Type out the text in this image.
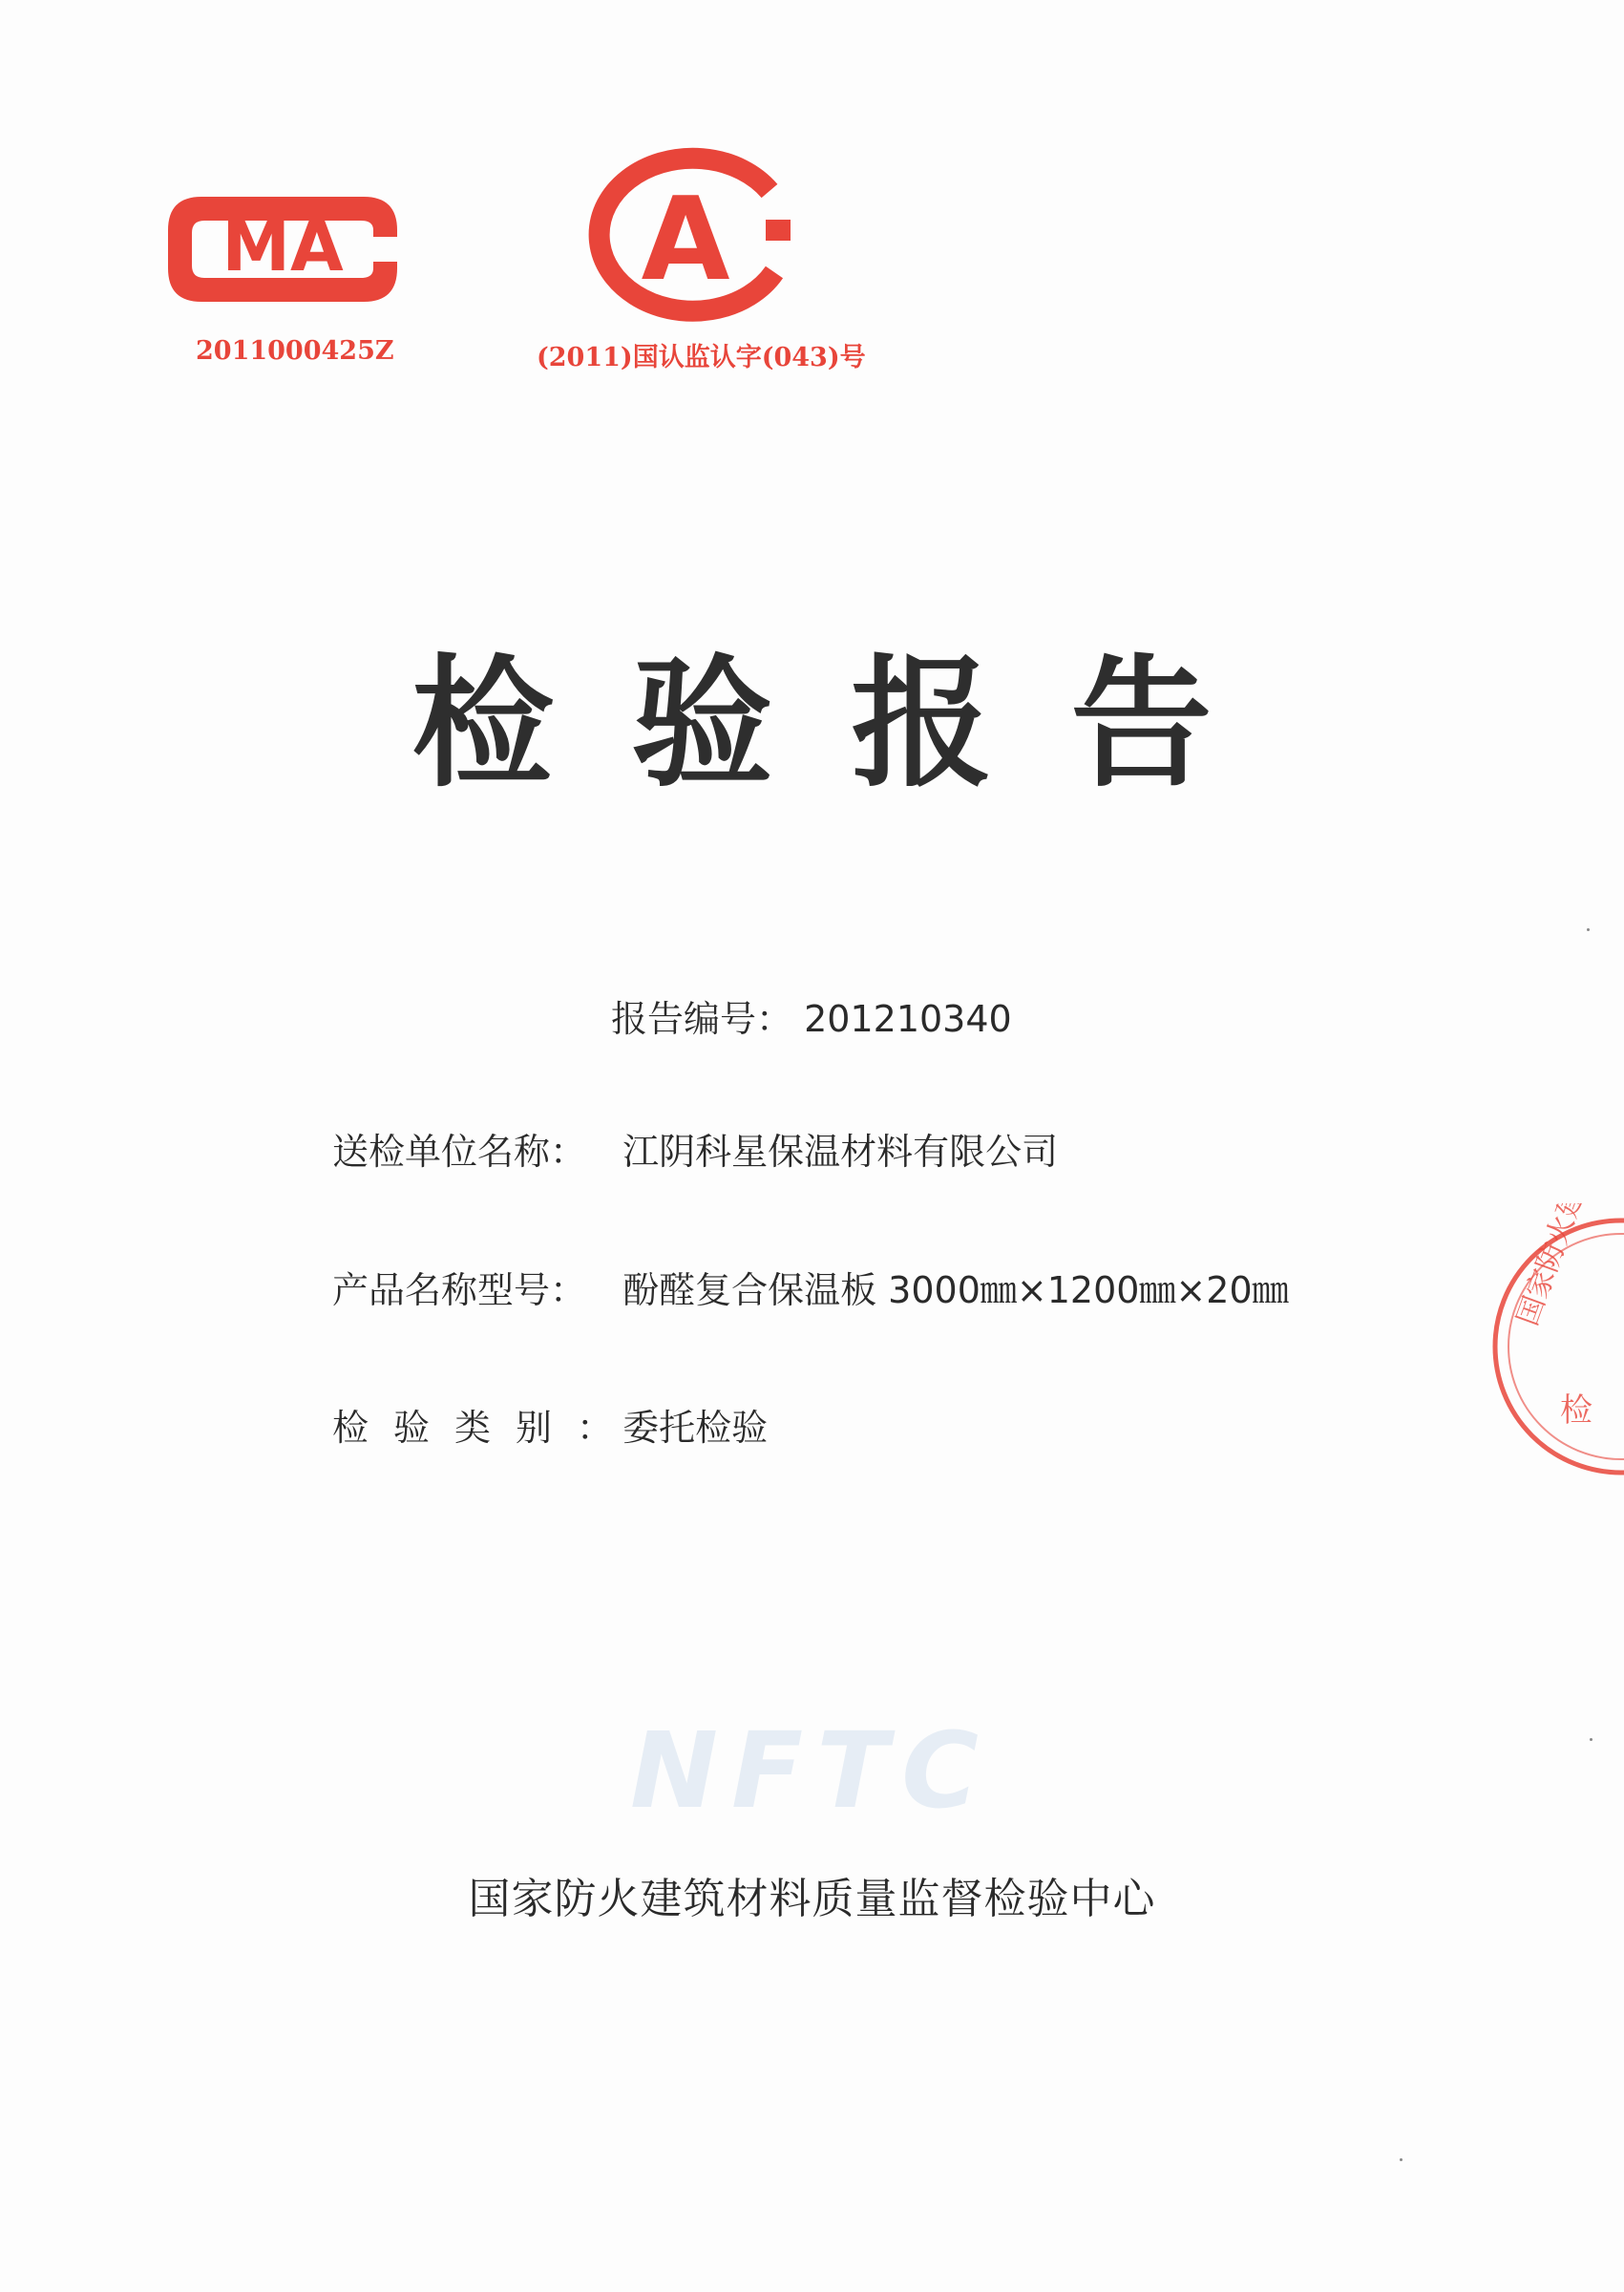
MA
2011000425Z
A
(2011)国认监认字(043)号
检验报告
报告编号： 201210340
送检单位名称： 江阴科星保温材料有限公司
产品名称型号： 酚醛复合保温板 3000㎜×1200㎜×20㎜
检验类别： 委托检验
NFTC
国家防火建筑材料质量监督检验中心
国家防火建
检
